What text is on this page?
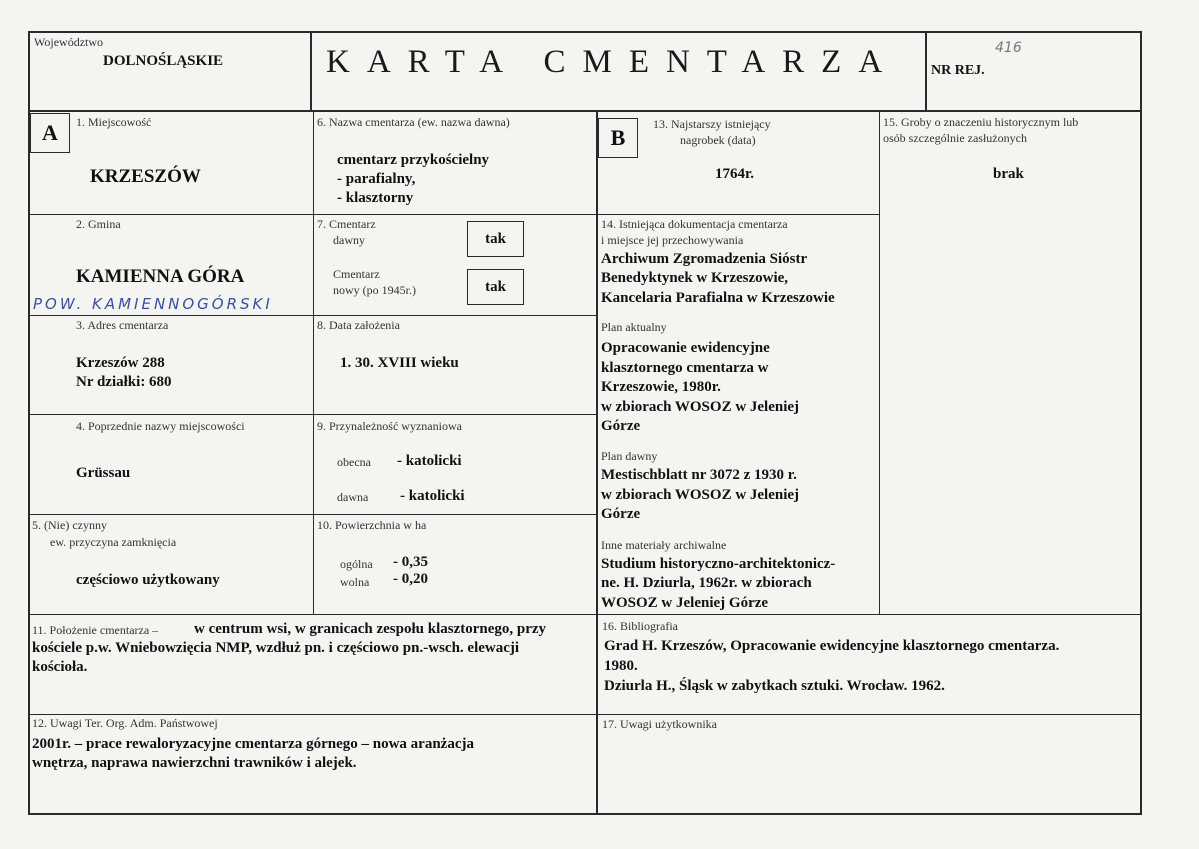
Województwo
DOLNOŚLĄSKIE	KARTA CMENTARZA NR REJ.
416
A	1. Miejscowość
KRZESZÓW
2. Gmina
KAMIENNA GÓRA
POW. KAMIENNOGÓRSKI
3. Adres cmentarza
Krzeszów 288
Nr działki: 680
4. Poprzednie nazwy miejscowości
Grüssau
5. (Nie) czynny
ew. przyczyna zamknięcia
częściowo użytkowany
6. Nazwa cmentarza (ew. nazwa dawna)
cmentarz przykościelny
- parafialny,
- klasztorny
7. Cmentarz
dawny	tak
Cmentarz
nowy (po 1945r.)	tak
8. Data założenia
1. 30. XVIII wieku
9. Przynależność wyznaniowa
obecna - katolicki
dawna - katolicki
10. Powierzchnia w ha
ogólna - 0,35
wolna - 0,20
B
13. Najstarszy istniejący
nagrobek (data)
1764r.
14. Istniejąca dokumentacja cmentarza
i miejsce jej przechowywania
Archiwum Zgromadzenia Sióstr
Benedyktynek w Krzeszowie,
Kancelaria Parafialna w Krzeszowie
Plan aktualny
Opracowanie ewidencyjne
klasztornego cmentarza w
Krzeszowie, 1980r.
w zbiorach WOSOZ w Jeleniej
Górze
Plan dawny
Mestischblatt nr 3072 z 1930 r.
w zbiorach WOSOZ w Jeleniej
Górze
Inne materiały archiwalne
Studium historyczno-architektonicz-
ne. H. Dziurla, 1962r. w zbiorach
WOSOZ w Jeleniej Górze
15. Groby o znaczeniu historycznym lub
osób szczególnie zasłużonych
brak
11. Położenie cmentarza – w centrum wsi, w granicach zespołu klasztornego, przy
kościele p.w. Wniebowzięcia NMP, wzdłuż pn. i częściowo pn.-wsch. elewacji
kościoła.
12. Uwagi Ter. Org. Adm. Państwowej
2001r. – prace rewaloryzacyjne cmentarza górnego – nowa aranżacja
wnętrza, naprawa nawierzchni trawników i alejek.
16. Bibliografia
Grad H. Krzeszów, Opracowanie ewidencyjne klasztornego cmentarza.
1980.
Dziurla H., Śląsk w zabytkach sztuki. Wrocław. 1962.
17. Uwagi użytkownika
